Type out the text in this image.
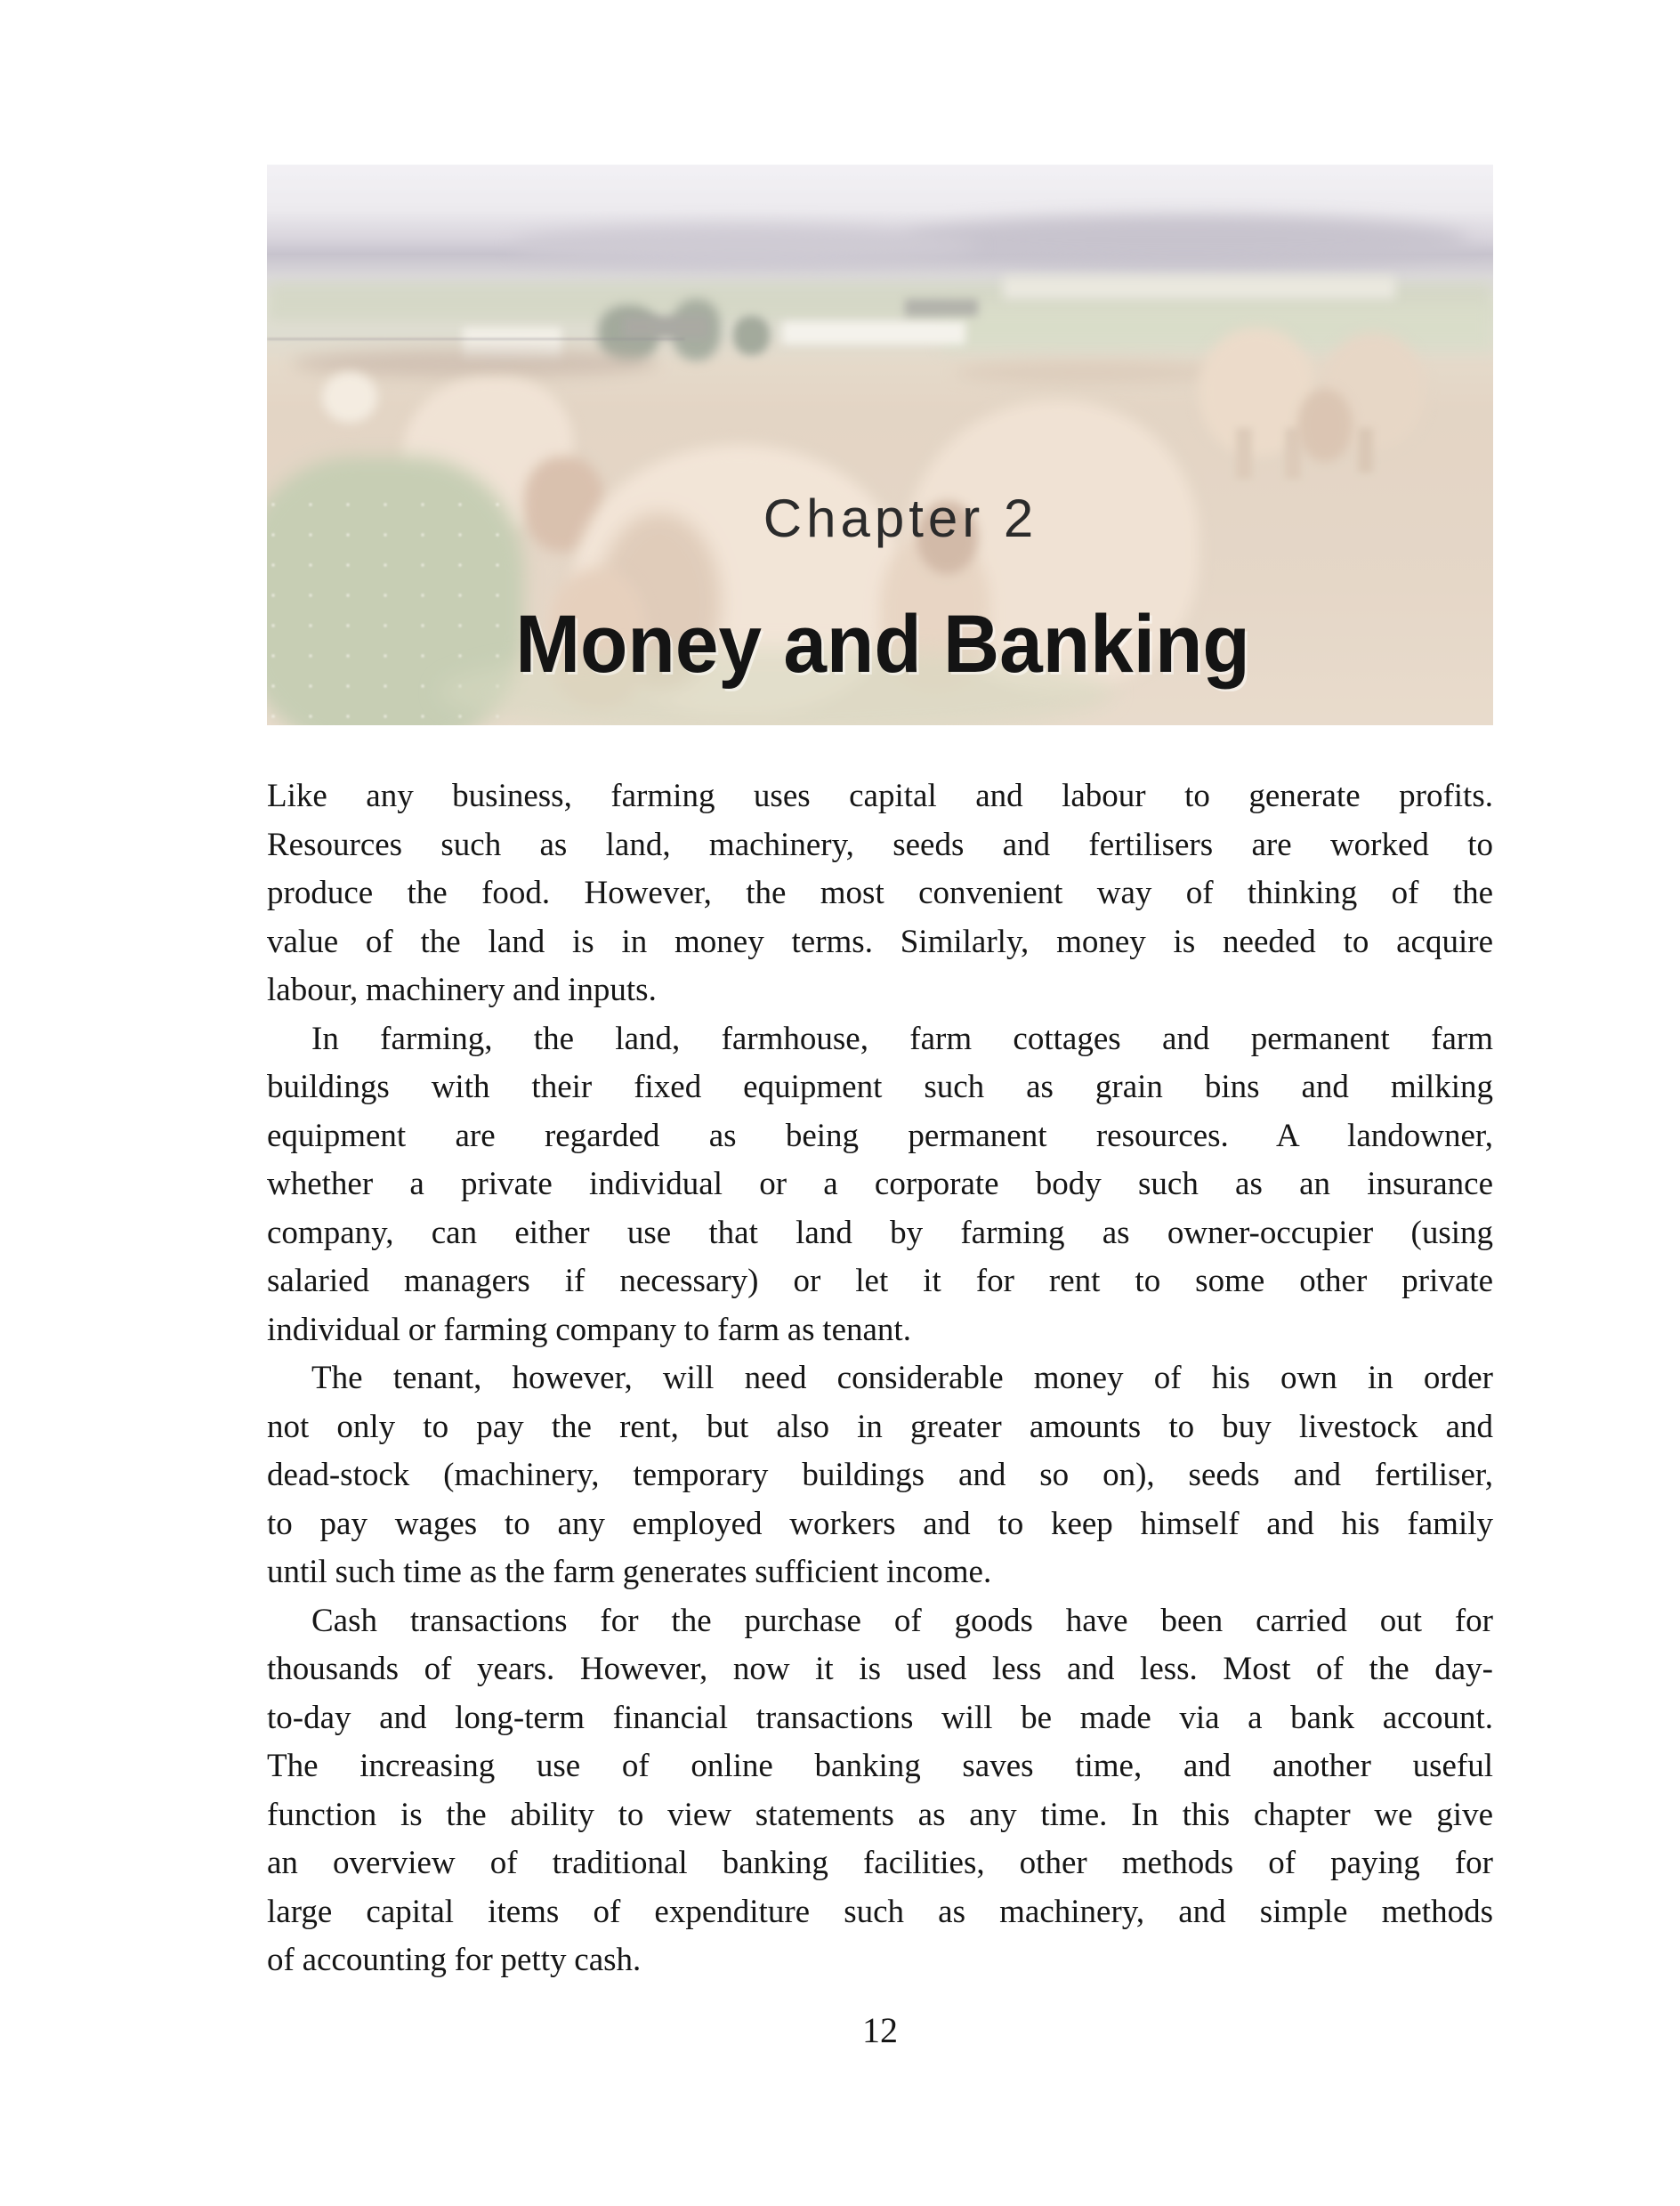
Chapter 2
Money and Banking
Like any business, farming uses capital and labour to generate profits.
Resources such as land, machinery, seeds and fertilisers are worked to
produce the food. However, the most convenient way of thinking of the
value of the land is in money terms. Similarly, money is needed to acquire
labour, machinery and inputs.
In farming, the land, farmhouse, farm cottages and permanent farm
buildings with their fixed equipment such as grain bins and milking
equipment are regarded as being permanent resources. A landowner,
whether a private individual or a corporate body such as an insurance
company, can either use that land by farming as owner-occupier (using
salaried managers if necessary) or let it for rent to some other private
individual or farming company to farm as tenant.
The tenant, however, will need considerable money of his own in order
not only to pay the rent, but also in greater amounts to buy livestock and
dead-stock (machinery, temporary buildings and so on), seeds and fertiliser,
to pay wages to any employed workers and to keep himself and his family
until such time as the farm generates sufficient income.
Cash transactions for the purchase of goods have been carried out for
thousands of years. However, now it is used less and less. Most of the day-
to-day and long-term financial transactions will be made via a bank account.
The increasing use of online banking saves time, and another useful
function is the ability to view statements as any time. In this chapter we give
an overview of traditional banking facilities, other methods of paying for
large capital items of expenditure such as machinery, and simple methods
of accounting for petty cash.
12
